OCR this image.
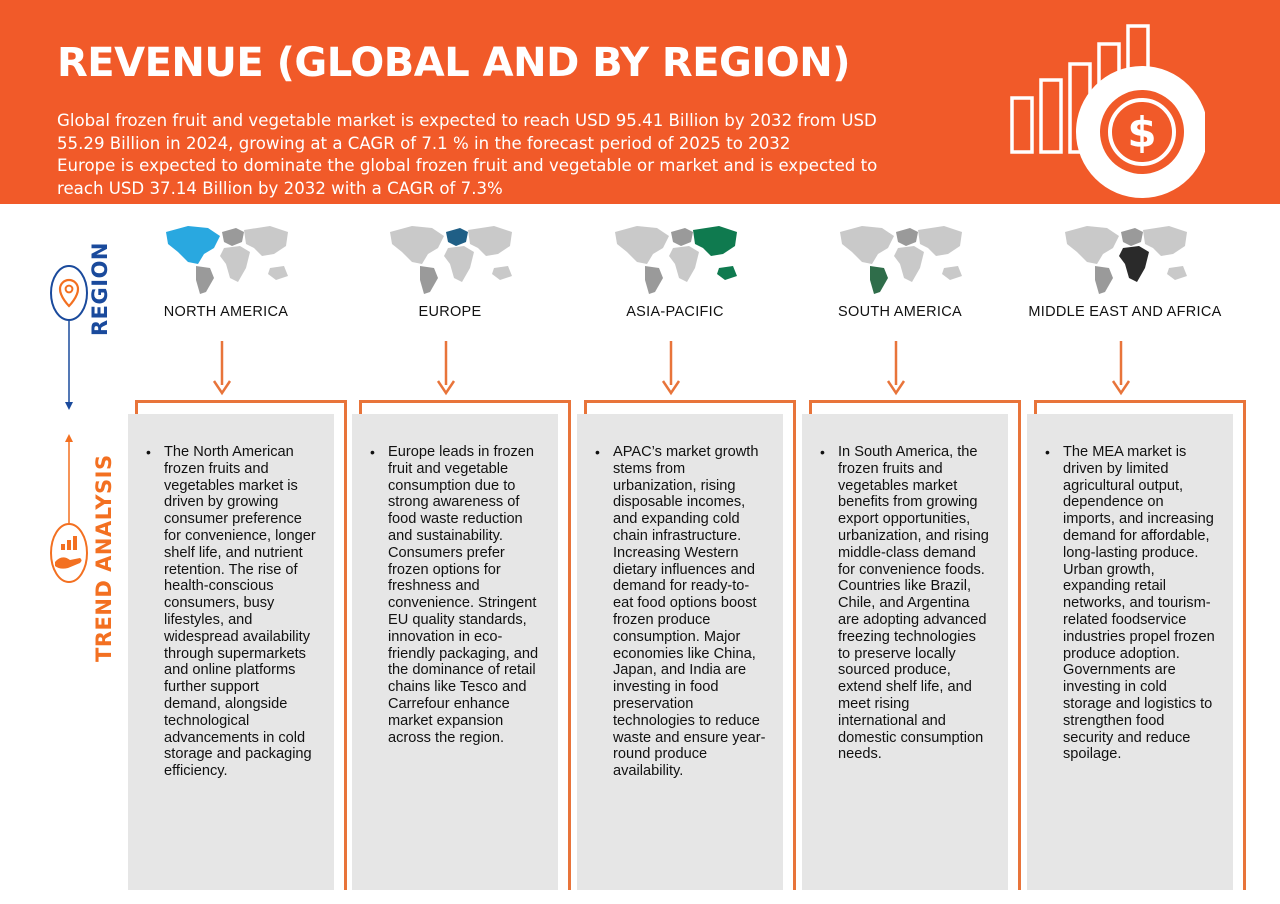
REVENUE (GLOBAL AND BY REGION)

Global frozen fruit and vegetable market is expected to reach USD 95.41 Billion by 2032 from USD
55.29 Billion in 2024, growing at a CAGR of 7.1 % in the forecast period of 2025 to 2032

Europe is expected to dominate the global frozen fruit and vegetable or market and is expected to
reach USD 37.14 Billion by 2032 with a CAGR of 7.3%

$
REGION
TREND ANALYSIS
NORTH AMERICA
• The North American frozen fruits and vegetables market is driven by growing consumer preference for convenience, longer shelf life, and nutrient retention. The rise of health-conscious consumers, busy lifestyles, and widespread availability through supermarkets and online platforms further support demand, alongside technological advancements in cold storage and packaging efficiency.
EUROPE
• Europe leads in frozen fruit and vegetable consumption due to strong awareness of food waste reduction and sustainability. Consumers prefer frozen options for freshness and convenience. Stringent EU quality standards, innovation in eco-friendly packaging, and the dominance of retail chains like Tesco and Carrefour enhance market expansion across the region.
ASIA-PACIFIC
• APAC’s market growth stems from urbanization, rising disposable incomes, and expanding cold chain infrastructure. Increasing Western dietary influences and demand for ready-to-eat food options boost frozen produce consumption. Major economies like China, Japan, and India are investing in food preservation technologies to reduce waste and ensure year-round produce availability.
SOUTH AMERICA
• In South America, the frozen fruits and vegetables market benefits from growing export opportunities, urbanization, and rising middle-class demand for convenience foods. Countries like Brazil, Chile, and Argentina are adopting advanced freezing technologies to preserve locally sourced produce, extend shelf life, and meet rising international and domestic consumption needs.
MIDDLE EAST AND AFRICA
• The MEA market is driven by limited agricultural output, dependence on imports, and increasing demand for affordable, long-lasting produce. Urban growth, expanding retail networks, and tourism-related foodservice industries propel frozen produce adoption. Governments are investing in cold storage and logistics to strengthen food security and reduce spoilage.
